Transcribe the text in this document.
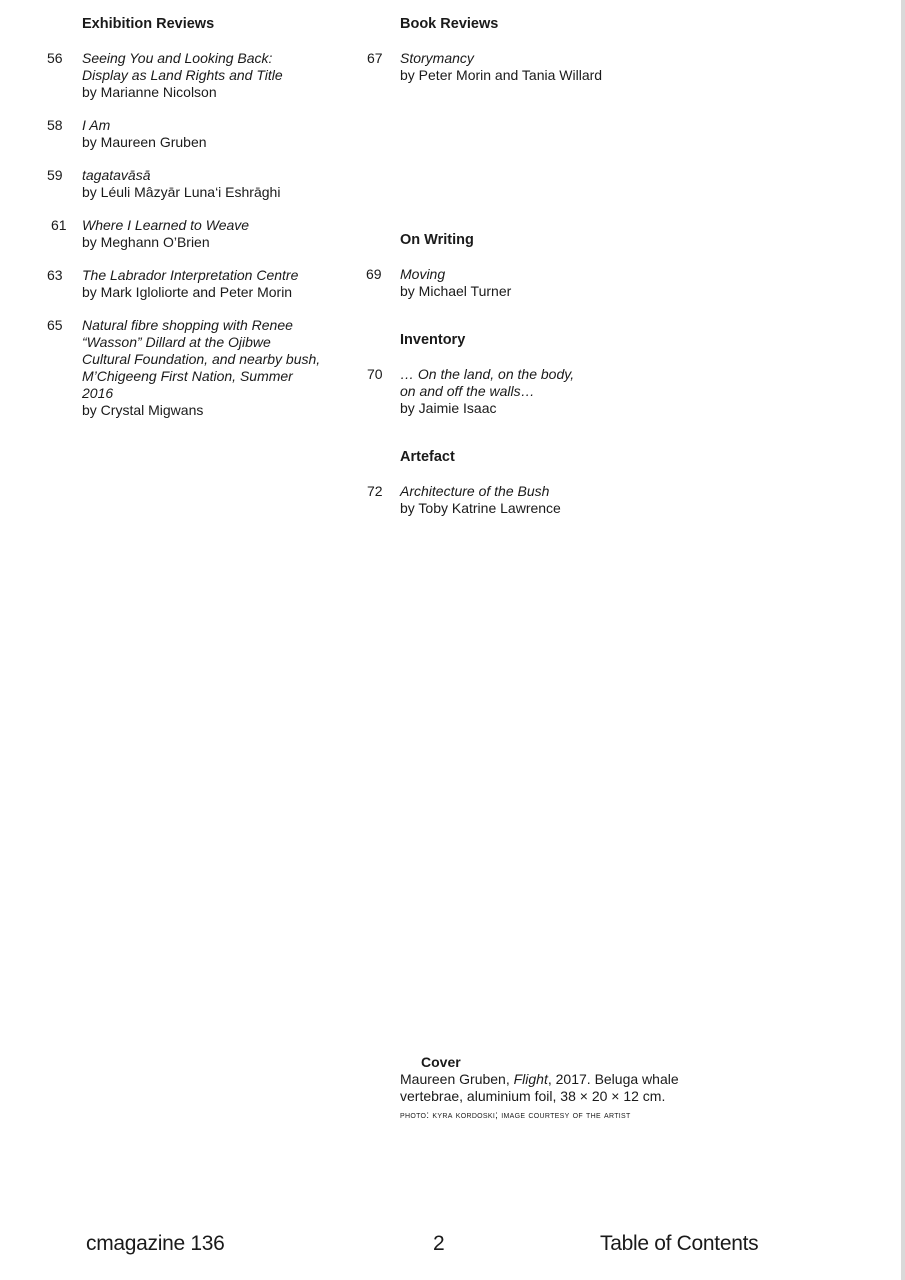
Exhibition Reviews
56	Seeing You and Looking Back: Display as Land Rights and Title
by Marianne Nicolson
58	I Am
by Maureen Gruben
59	tagatavāsā
by Léuli Mâzyār Luna‘i Eshrāghi
61	Where I Learned to Weave
by Meghann O’Brien
63	The Labrador Interpretation Centre
by Mark Igloliorte and Peter Morin
65	Natural fibre shopping with Renee “Wasson” Dillard at the Ojibwe Cultural Foundation, and nearby bush, M’Chigeeng First Nation, Summer 2016
by Crystal Migwans
Book Reviews
67	Storymancy
by Peter Morin and Tania Willard
On Writing
69	Moving
by Michael Turner
Inventory
70	… On the land, on the body, on and off the walls…
by Jaimie Isaac
Artefact
72	Architecture of the Bush
by Toby Katrine Lawrence
Cover
Maureen Gruben, Flight, 2017. Beluga whale vertebrae, aluminium foil, 38 × 20 × 12 cm.
photo: kyra kordoski; image courtesy of the artist
cmagazine 136	2	Table of Contents
